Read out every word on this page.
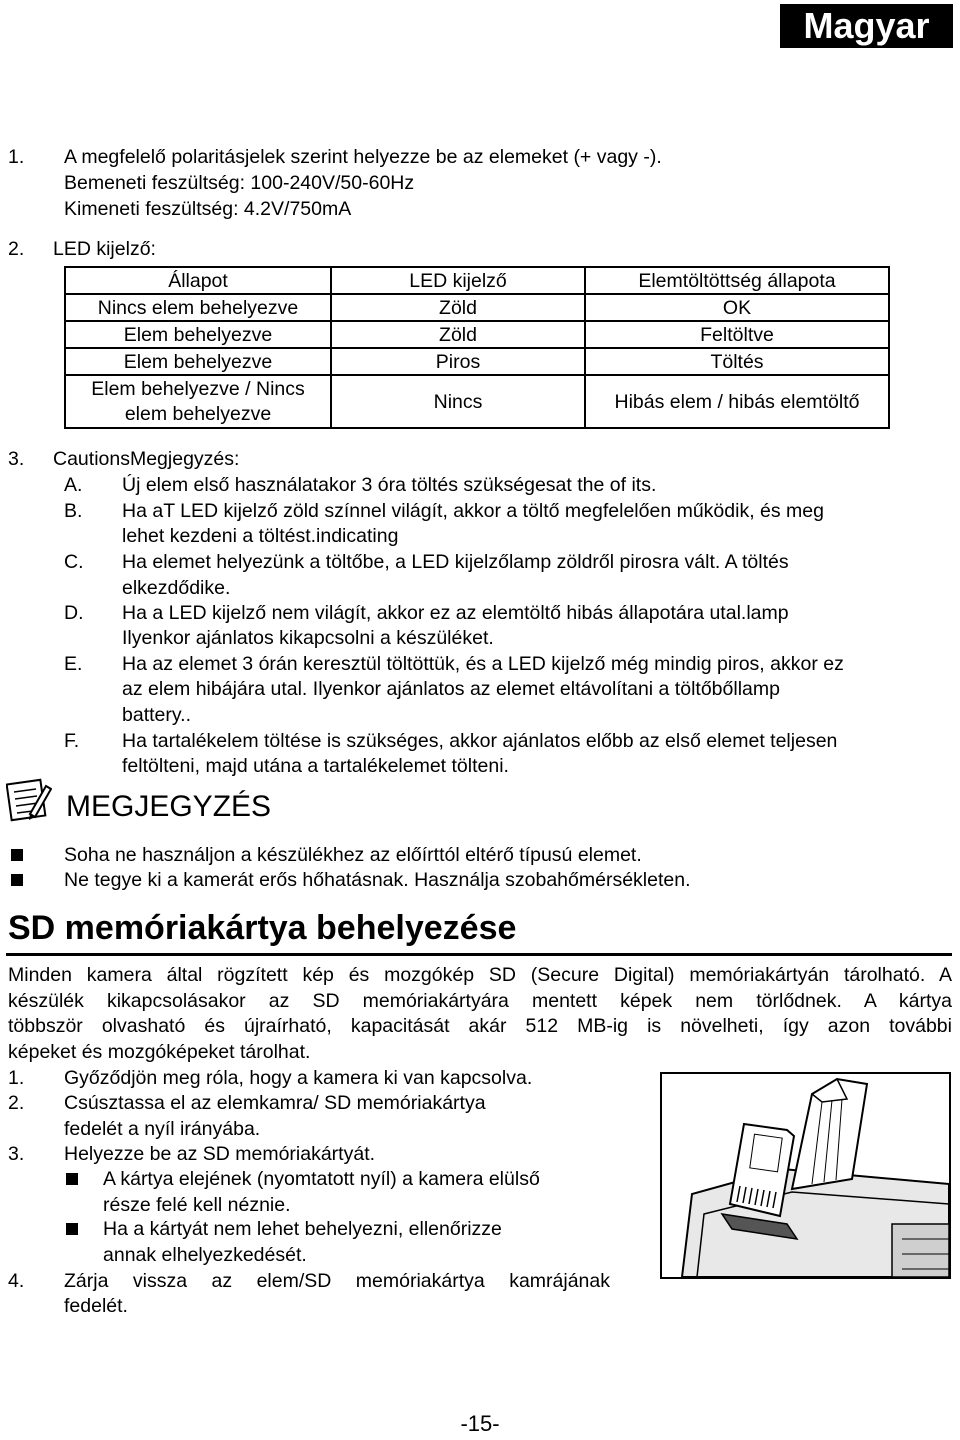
Magyar
1. A megfelelő polaritásjelek szerint helyezze be az elemeket (+ vagy -).
Bemeneti feszültség: 100-240V/50-60Hz
Kimeneti feszültség: 4.2V/750mA
2. LED kijelző:
Állapot	LED kijelző	Elemtöltöttség állapota
Nincs elem behelyezve	Zöld	OK
Elem behelyezve	Zöld	Feltöltve
Elem behelyezve	Piros	Töltés
Elem behelyezve / Nincs
elem behelyezve	Nincs	Hibás elem / hibás elemtöltő
3. CautionsMegjegyzés:
A. Új elem első használatakor 3 óra töltés szükségesat the of its.
B. Ha aT LED kijelző zöld színnel világít, akkor a töltő megfelelően működik, és meg
lehet kezdeni a töltést.indicating
C. Ha elemet helyezünk a töltőbe, a LED kijelzőlamp zöldről pirosra vált. A töltés
elkezdődike.
D. Ha a LED kijelző nem világít, akkor ez az elemtöltő hibás állapotára utal.lamp
Ilyenkor ajánlatos kikapcsolni a készüléket.
E. Ha az elemet 3 órán keresztül töltöttük, és a LED kijelző még mindig piros, akkor ez
az elem hibájára utal. Ilyenkor ajánlatos az elemet eltávolítani a töltőbőllamp
battery..
F. Ha tartalékelem töltése is szükséges, akkor ajánlatos előbb az első elemet teljesen
feltölteni, majd utána a tartalékelemet tölteni.
MEGJEGYZÉS
Soha ne használjon a készülékhez az előírttól eltérő típusú elemet.
Ne tegye ki a kamerát erős hőhatásnak. Használja szobahőmérsékleten.
SD memóriakártya behelyezése
Minden kamera által rögzített kép és mozgókép SD (Secure Digital) memóriakártyán tárolható. A
készülék kikapcsolásakor az SD memóriakártyára mentett képek nem törlődnek. A kártya
többször olvasható és újraírható, kapacitását akár 512 MB-ig is növelheti, így azon további
képeket és mozgóképeket tárolhat.
1. Győződjön meg róla, hogy a kamera ki van kapcsolva.
2. Csúsztassa el az elemkamra/ SD memóriakártya
fedelét a nyíl irányába.
3. Helyezze be az SD memóriakártyát.
A kártya elejének (nyomtatott nyíl) a kamera elülső
része felé kell néznie.
Ha a kártyát nem lehet behelyezni, ellenőrizze
annak elhelyezkedését.
4. Zárja vissza az elem/SD memóriakártya kamrájának
fedelét.
-15-
